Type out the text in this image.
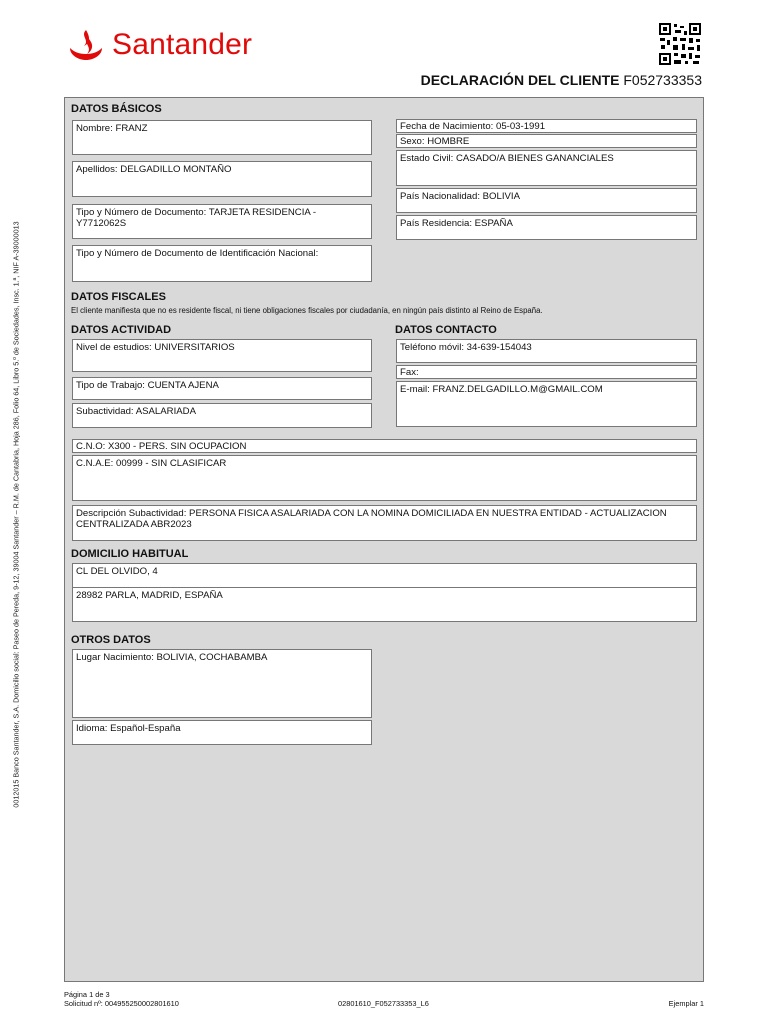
Santander
DECLARACIÓN DEL CLIENTE F052733353
0012015 Banco Santander, S.A. Domicilio social: Paseo de Pereda, 9-12, 39004 Santander – R.M. de Cantabria, Hoja 286, Folio 64, Libro 5.º de Sociedades, Insc. 1.ª, NIF A-39000013
DATOS BÁSICOS
Nombre: FRANZ
Apellidos: DELGADILLO MONTAÑO
Tipo y Número de Documento: TARJETA RESIDENCIA - Y7712062S
Tipo y Número de Documento de Identificación Nacional:
Fecha de Nacimiento: 05-03-1991
Sexo: HOMBRE
Estado Civil: CASADO/A BIENES GANANCIALES
País Nacionalidad: BOLIVIA
País Residencia: ESPAÑA
DATOS FISCALES
El cliente manifiesta que no es residente fiscal, ni tiene obligaciones fiscales por ciudadanía, en ningún país distinto al Reino de España.
DATOS ACTIVIDAD
Nivel de estudios: UNIVERSITARIOS
Tipo de Trabajo: CUENTA AJENA
Subactividad: ASALARIADA
DATOS CONTACTO
Teléfono móvil: 34-639-154043
Fax:
E-mail: FRANZ.DELGADILLO.M@GMAIL.COM
C.N.O: X300 - PERS. SIN OCUPACION
C.N.A.E: 00999 - SIN CLASIFICAR
Descripción Subactividad: PERSONA FISICA ASALARIADA CON LA NOMINA DOMICILIADA EN NUESTRA ENTIDAD - ACTUALIZACION CENTRALIZADA ABR2023
DOMICILIO HABITUAL
CL DEL OLVIDO, 4
28982 PARLA, MADRID, ESPAÑA
OTROS DATOS
Lugar Nacimiento: BOLIVIA, COCHABAMBA
Idioma: Español-España
Página 1 de 3
Solicitud nº: 004955250002801610	02801610_F052733353_L6	Ejemplar 1
